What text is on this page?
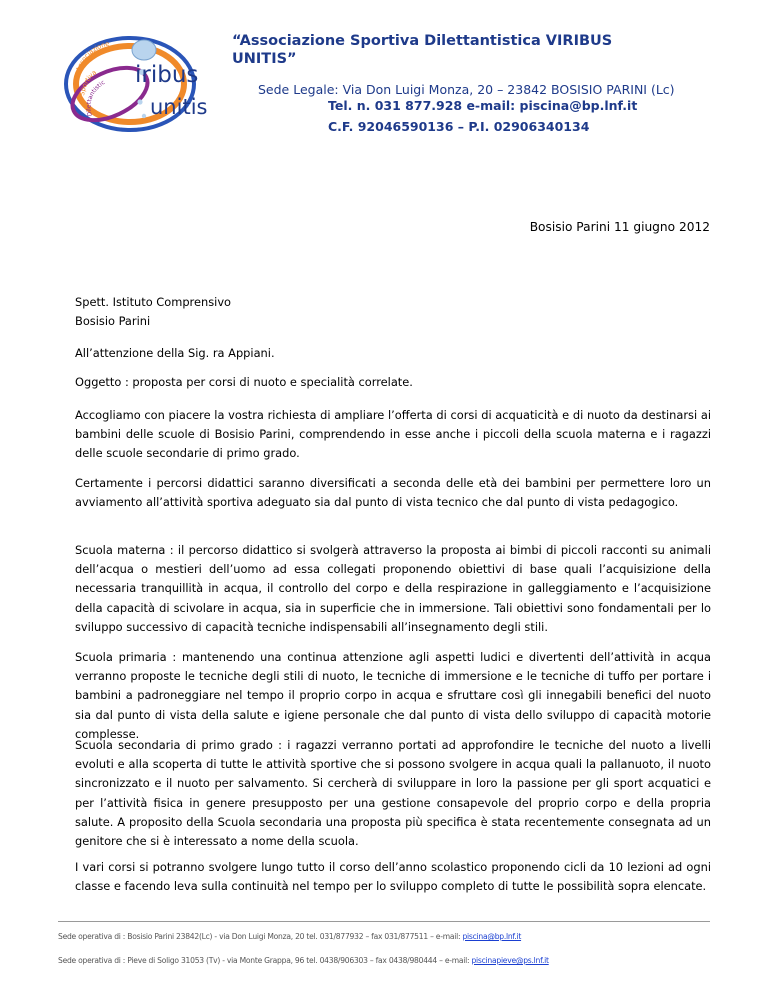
Associazione
Sportiva
Dilettantistic iribus
unitis
“Associazione Sportiva Dilettantistica VIRIBUS UNITIS”
Sede Legale: Via Don Luigi Monza, 20 – 23842 BOSISIO PARINI (Lc)
Tel. n. 031 877.928 e-mail: piscina@bp.lnf.it
C.F. 92046590136 – P.I. 02906340134
Bosisio Parini 11 giugno 2012

Spett. Istituto Comprensivo

Bosisio Parini

All’attenzione della Sig. ra Appiani.
Oggetto : proposta per corsi di nuoto e specialità correlate.
Accogliamo con piacere la vostra richiesta di ampliare l’offerta di corsi di acquaticità e di nuoto da destinarsi ai bambini delle scuole di Bosisio Parini, comprendendo in esse anche i piccoli della scuola materna e i ragazzi delle scuole secondarie di primo grado.
Certamente i percorsi didattici saranno diversificati a seconda delle età dei bambini per permettere loro un avviamento all’attività sportiva adeguato sia dal punto di vista tecnico che dal punto di vista pedagogico.
Scuola materna : il percorso didattico si svolgerà attraverso la proposta ai bimbi di piccoli racconti su animali dell’acqua o mestieri dell’uomo ad essa collegati proponendo obiettivi di base quali l’acquisizione della necessaria tranquillità in acqua, il controllo del corpo e della respirazione in galleggiamento e l’acquisizione della capacità di scivolare in acqua, sia in superficie che in immersione. Tali obiettivi sono fondamentali per lo sviluppo successivo di capacità tecniche indispensabili all’insegnamento degli stili.
Scuola primaria : mantenendo una continua attenzione agli aspetti ludici e divertenti dell’attività in acqua verranno proposte le tecniche degli stili di nuoto, le tecniche di immersione e le tecniche di tuffo per portare i bambini a padroneggiare nel tempo il proprio corpo in acqua e sfruttare così gli innegabili benefici del nuoto sia dal punto di vista della salute e igiene personale che dal punto di vista dello sviluppo di capacità motorie complesse.
Scuola secondaria di primo grado : i ragazzi verranno portati ad approfondire le tecniche del nuoto a livelli evoluti e alla scoperta di tutte le attività sportive che si possono svolgere in acqua quali la pallanuoto, il nuoto sincronizzato e il nuoto per salvamento. Si cercherà di sviluppare in loro la passione per gli sport acquatici e per l’attività fisica in genere presupposto per una gestione consapevole del proprio corpo e della propria salute. A proposito della Scuola secondaria una proposta più specifica è stata recentemente consegnata ad un genitore che si è interessato a nome della scuola.
I vari corsi si potranno svolgere lungo tutto il corso dell’anno scolastico proponendo cicli da 10 lezioni ad ogni classe e facendo leva sulla continuità nel tempo per lo sviluppo completo di tutte le possibilità sopra elencate.
Sede operativa di : Bosisio Parini 23842(Lc) - via Don Luigi Monza, 20 tel. 031/877932 – fax 031/877511 – e-mail: piscina@bp.lnf.it
Sede operativa di : Pieve di Soligo 31053 (Tv) - via Monte Grappa, 96 tel. 0438/906303 – fax 0438/980444 – e-mail: piscinapieve@ps.lnf.it
